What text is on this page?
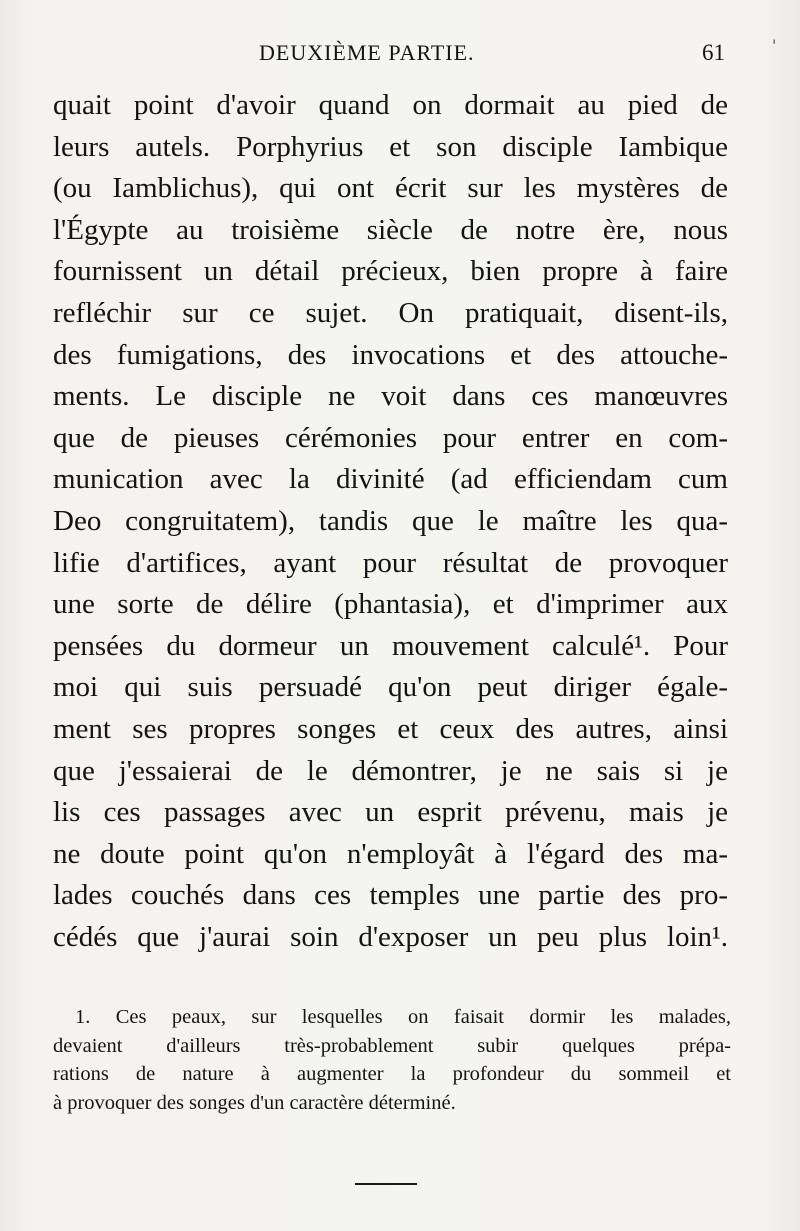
DEUXIÈME PARTIE.	61	'
quait point d'avoir quand on dormait au pied de
leurs autels. Porphyrius et son disciple Iambique
(ou Iamblichus), qui ont écrit sur les mystères de
l'Égypte au troisième siècle de notre ère, nous
fournissent un détail précieux, bien propre à faire
refléchir sur ce sujet. On pratiquait, disent-ils,
des fumigations, des invocations et des attouche-
ments. Le disciple ne voit dans ces manœuvres
que de pieuses cérémonies pour entrer en com-
munication avec la divinité (ad efficiendam cum
Deo congruitatem), tandis que le maître les qua-
lifie d'artifices, ayant pour résultat de provoquer
une sorte de délire (phantasia), et d'imprimer aux
pensées du dormeur un mouvement calculé¹. Pour
moi qui suis persuadé qu'on peut diriger égale-
ment ses propres songes et ceux des autres, ainsi
que j'essaierai de le démontrer, je ne sais si je
lis ces passages avec un esprit prévenu, mais je
ne doute point qu'on n'employât à l'égard des ma-
lades couchés dans ces temples une partie des pro-
cédés que j'aurai soin d'exposer un peu plus loin¹.
1. Ces peaux, sur lesquelles on faisait dormir les malades,
devaient d'ailleurs très-probablement subir quelques prépa-
rations de nature à augmenter la profondeur du sommeil et
à provoquer des songes d'un caractère déterminé.
